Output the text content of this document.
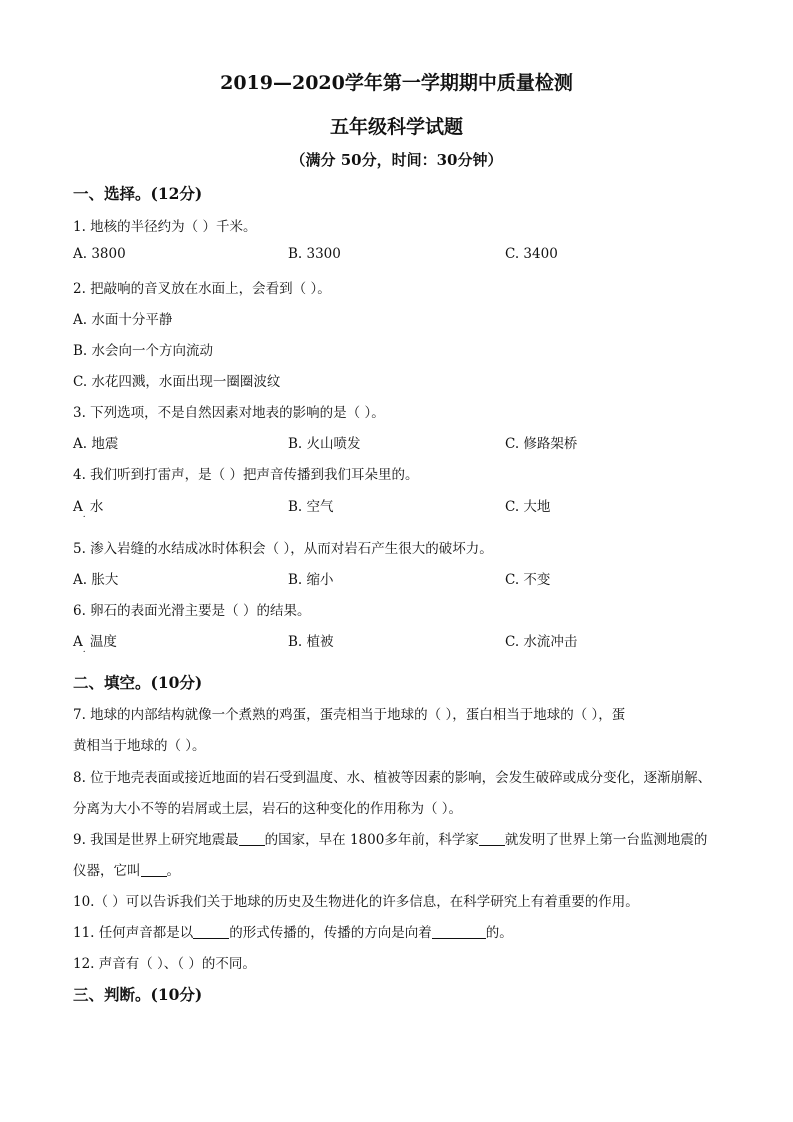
2019—2020学年第一学期期中质量检测
五年级科学试题
（满分 50分，时间：30分钟）
一、选择。(12分)
1. 地核的半径约为（ ）千米。
A. 3800	B. 3300	C. 3400
2. 把敲响的音叉放在水面上，会看到（ ）。
A. 水面十分平静
B. 水会向一个方向流动
C. 水花四溅，水面出现一圈圈波纹
3. 下列选项，不是自然因素对地表的影响的是（ ）。
A. 地震	B. 火山喷发	C. 修路架桥
4. 我们听到打雷声，是（ ）把声音传播到我们耳朵里的。
$A_.$ 水	B. 空气	C. 大地
5. 渗入岩缝的水结成冰时体积会（ ），从而对岩石产生很大的破坏力。
A. 胀大	B. 缩小	C. 不变
6. 卵石的表面光滑主要是（ ）的结果。
$A_.$ 温度	B. 植被	C. 水流冲击
二、填空。(10分)
7. 地球的内部结构就像一个煮熟的鸡蛋，蛋壳相当于地球的（ ），蛋白相当于地球的（ ），蛋
黄相当于地球的（ ）。
8. 位于地壳表面或接近地面的岩石受到温度、水、植被等因素的影响，会发生破碎或成分变化，逐渐崩解、
分离为大小不等的岩屑或土层，岩石的这种变化的作用称为（ ）。
9. 我国是世界上研究地震最 的国家，早在 1800多年前，科学家 就发明了世界上第一台监测地震的
仪器，它叫 。
10.（ ）可以告诉我们关于地球的历史及生物进化的许多信息，在科学研究上有着重要的作用。
11. 任何声音都是以	的形式传播的，传播的方向是向着	的。
12. 声音有（ ）、（ ）的不同。
三、判断。(10分)
